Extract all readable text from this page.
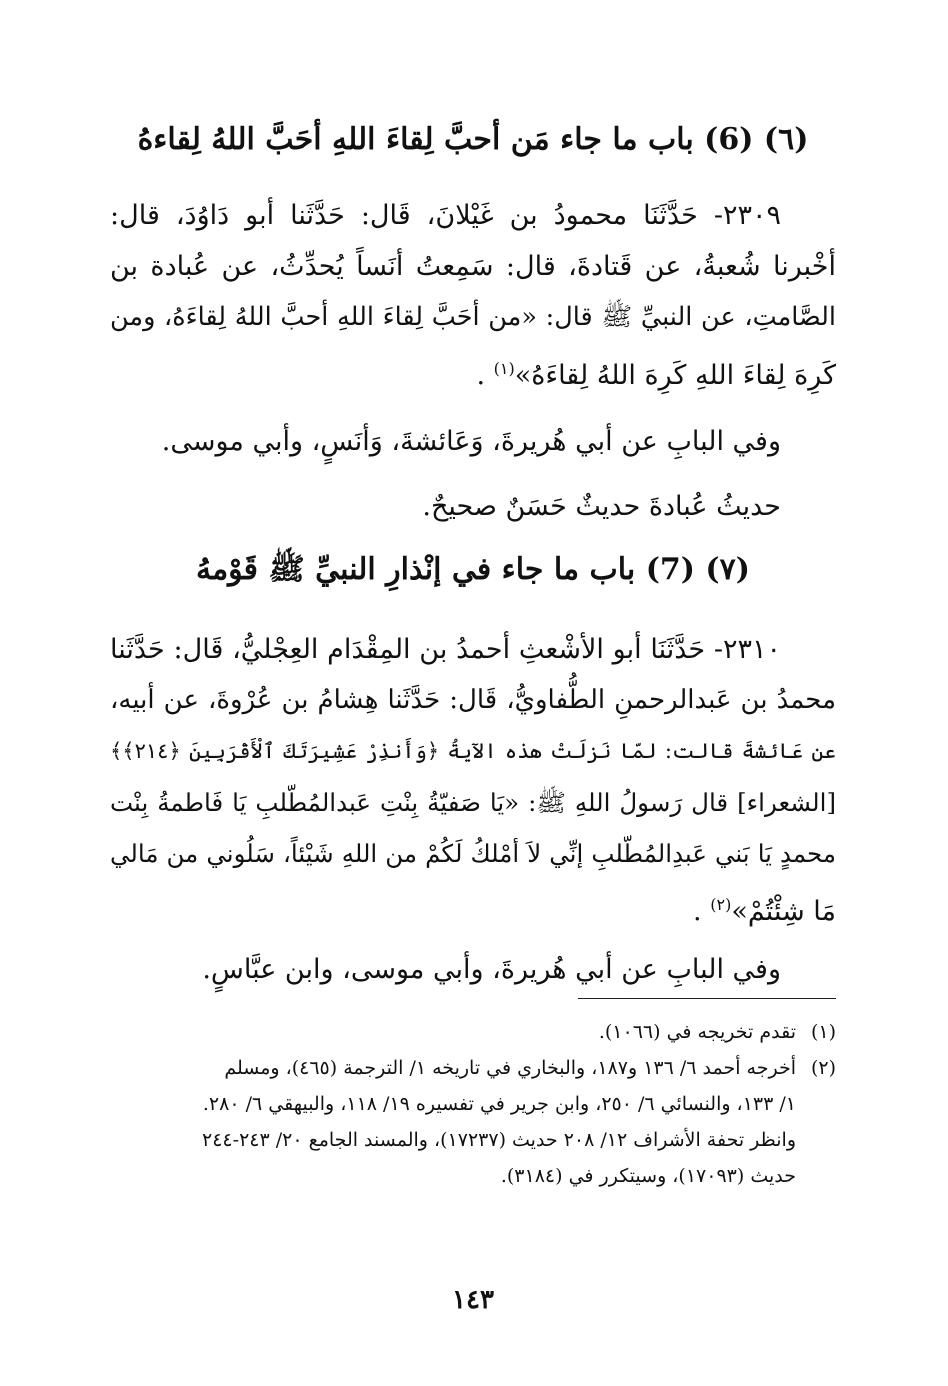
(٦) (6) باب ما جاء مَن أحبَّ لِقاءَ اللهِ أحَبَّ اللهُ لِقاءهُ
٢٣٠٩- حَدَّثَنَا محمودُ بن غَيْلانَ، قَال: حَدَّثَنا أبو دَاوُدَ، قال:
أخْبرنا شُعبةُ، عن قَتادةَ، قال: سَمِعتُ أنَساً يُحدِّثُ، عن عُبادة بن
الصَّامتِ، عن النبيِّ ﷺ قال: «من أحَبَّ لِقاءَ اللهِ أحبَّ اللهُ لِقاءَهُ، ومن
كَرِهَ لِقاءَ اللهِ كَرِهَ اللهُ لِقاءَهُ»$^{(١)}$ .
وفي البابِ عن أبي هُريرةَ، وَعَائشةَ، وَأنَسٍ، وأبي موسى.
حديثُ عُبادةَ حديثٌ حَسَنٌ صحيحٌ.
(٧) (7) باب ما جاء في إنْذارِ النبيِّ ﷺ قَوْمهُ
٢٣١٠- حَدَّثَنَا أبو الأشْعثِ أحمدُ بن المِقْدَام العِجْليُّ، قَال: حَدَّثَنا
محمدُ بن عَبدالرحمنِ الطُّفاويُّ، قَال: حَدَّثَنا هِشامُ بن عُرْوةَ، عن أبيه،
عن عَائشةَ قالت: لمّا نَزلَتْ هذه الآيةُ ﴿وَأَنذِرْ عَشِيرَتَكَ ٱلْأَقْرَبِينَ ﴿٢١٤﴾﴾
[الشعراء] قال رَسولُ اللهِ ﷺ: «يَا صَفيّةُ بِنْتِ عَبدالمُطّلبِ يَا فَاطمةُ بِنْت
محمدٍ يَا بَني عَبدِالمُطّلبِ إنِّي لاَ أمْلكُ لَكُمْ من اللهِ شَيْئاً، سَلُوني من مَالي
مَا شِئْتُمْ»$^{(٢)}$ .
وفي البابِ عن أبي هُريرةَ، وأبي موسى، وابن عبَّاسٍ.
(١)
تقدم تخريجه في (١٠٦٦).
(٢)
أخرجه أحمد ٦/ ١٣٦ و١٨٧، والبخاري في تاريخه ١/ الترجمة (٤٦٥)، ومسلم
١/ ١٣٣، والنسائي ٦/ ٢٥٠، وابن جرير في تفسيره ١٩/ ١١٨، والبيهقي ٦/ ٢٨٠.
وانظر تحفة الأشراف ١٢/ ٢٠٨ حديث (١٧٢٣٧)، والمسند الجامع ٢٠/ ٢٤٣-٢٤٤
حديث (١٧٠٩٣)، وسيتكرر في (٣١٨٤).
١٤٣
